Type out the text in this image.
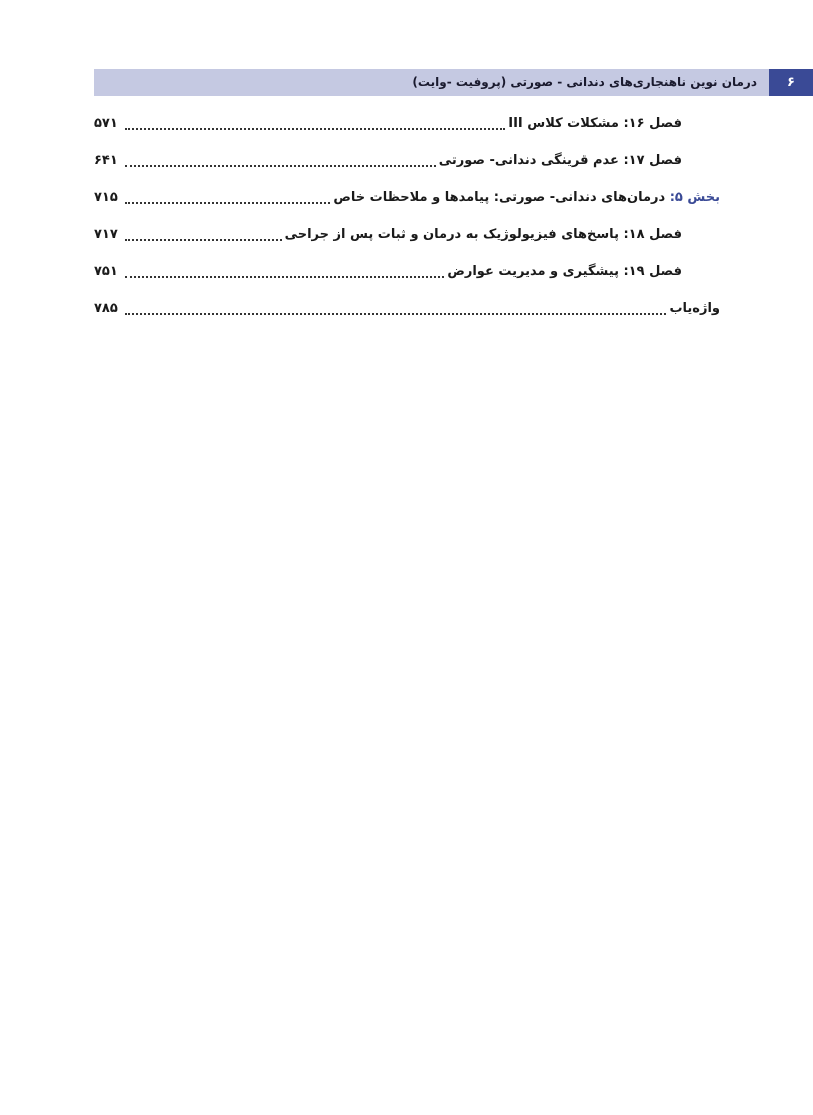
درمان نوین ناهنجاری‌های دندانی - صورتی (پروفیت -وایت) ۶
فصل ۱۶: مشکلات کلاس III
۵۷۱
فصل ۱۷: عدم قرینگی دندانی- صورتی
۶۴۱
بخش ۵: درمان‌های دندانی- صورتی: پیامدها و ملاحظات خاص
۷۱۵
فصل ۱۸: پاسخ‌های فیزیولوژیک به درمان و ثبات پس از جراحی
۷۱۷
فصل ۱۹: پیشگیری و مدیریت عوارض
۷۵۱
واژه‌یاب
۷۸۵
